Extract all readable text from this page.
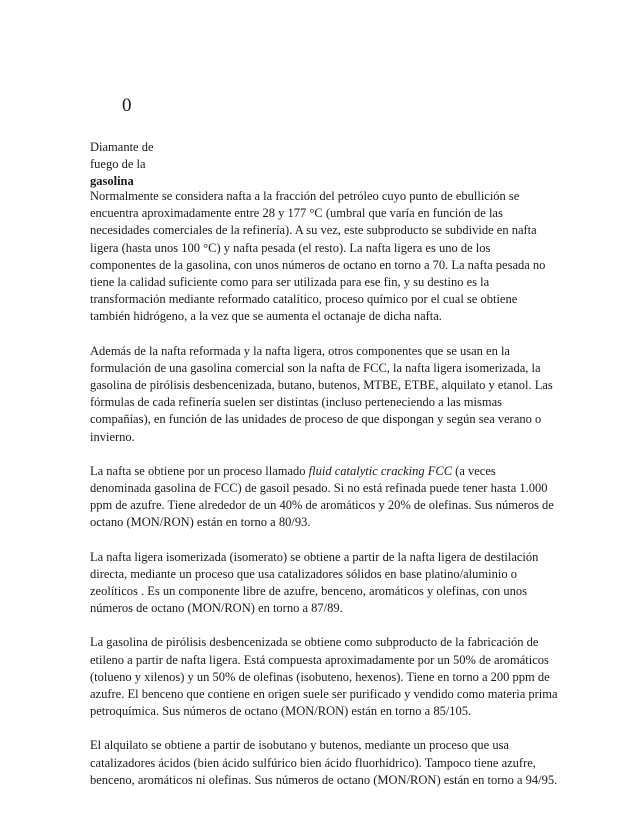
0
Diamante de
fuego de la
gasolina

Normalmente se considera nafta a la fracción del petróleo cuyo punto de ebullición se encuentra aproximadamente entre 28 y 177 °C (umbral que varía en función de las necesidades comerciales de la refinería). A su vez, este subproducto se subdivide en nafta ligera (hasta unos 100 °C) y nafta pesada (el resto). La nafta ligera es uno de los componentes de la gasolina, con unos números de octano en torno a 70. La nafta pesada no tiene la calidad suficiente como para ser utilizada para ese fin, y su destino es la transformación mediante reformado catalítico, proceso químico por el cual se obtiene también hidrógeno, a la vez que se aumenta el octanaje de dicha nafta.

Además de la nafta reformada y la nafta ligera, otros componentes que se usan en la formulación de una gasolina comercial son la nafta de FCC, la nafta ligera isomerizada, la gasolina de pirólisis desbencenizada, butano, butenos, MTBE, ETBE, alquilato y etanol. Las fórmulas de cada refinería suelen ser distintas (incluso perteneciendo a las mismas compañías), en función de las unidades de proceso de que dispongan y según sea verano o invierno.

La nafta se obtiene por un proceso llamado fluid catalytic cracking FCC (a veces denominada gasolina de FCC) de gasoil pesado. Si no está refinada puede tener hasta 1.000 ppm de azufre. Tiene alrededor de un 40% de aromáticos y 20% de olefinas. Sus números de octano (MON/RON) están en torno a 80/93.

La nafta ligera isomerizada (isomerato) se obtiene a partir de la nafta ligera de destilación directa, mediante un proceso que usa catalizadores sólidos en base platino/aluminio o zeolíticos . Es un componente libre de azufre, benceno, aromáticos y olefinas, con unos números de octano (MON/RON) en torno a 87/89.

La gasolina de pirólisis desbencenizada se obtiene como subproducto de la fabricación de etileno a partir de nafta ligera. Está compuesta aproximadamente por un 50% de aromáticos (tolueno y xilenos) y un 50% de olefinas (isobuteno, hexenos). Tiene en torno a 200 ppm de azufre. El benceno que contiene en origen suele ser purificado y vendido como materia prima petroquímica. Sus números de octano (MON/RON) están en torno a 85/105.

El alquilato se obtiene a partir de isobutano y butenos, mediante un proceso que usa catalizadores ácidos (bien ácido sulfúrico bien ácido fluorhídrico). Tampoco tiene azufre, benceno, aromáticos ni olefinas. Sus números de octano (MON/RON) están en torno a 94/95.
